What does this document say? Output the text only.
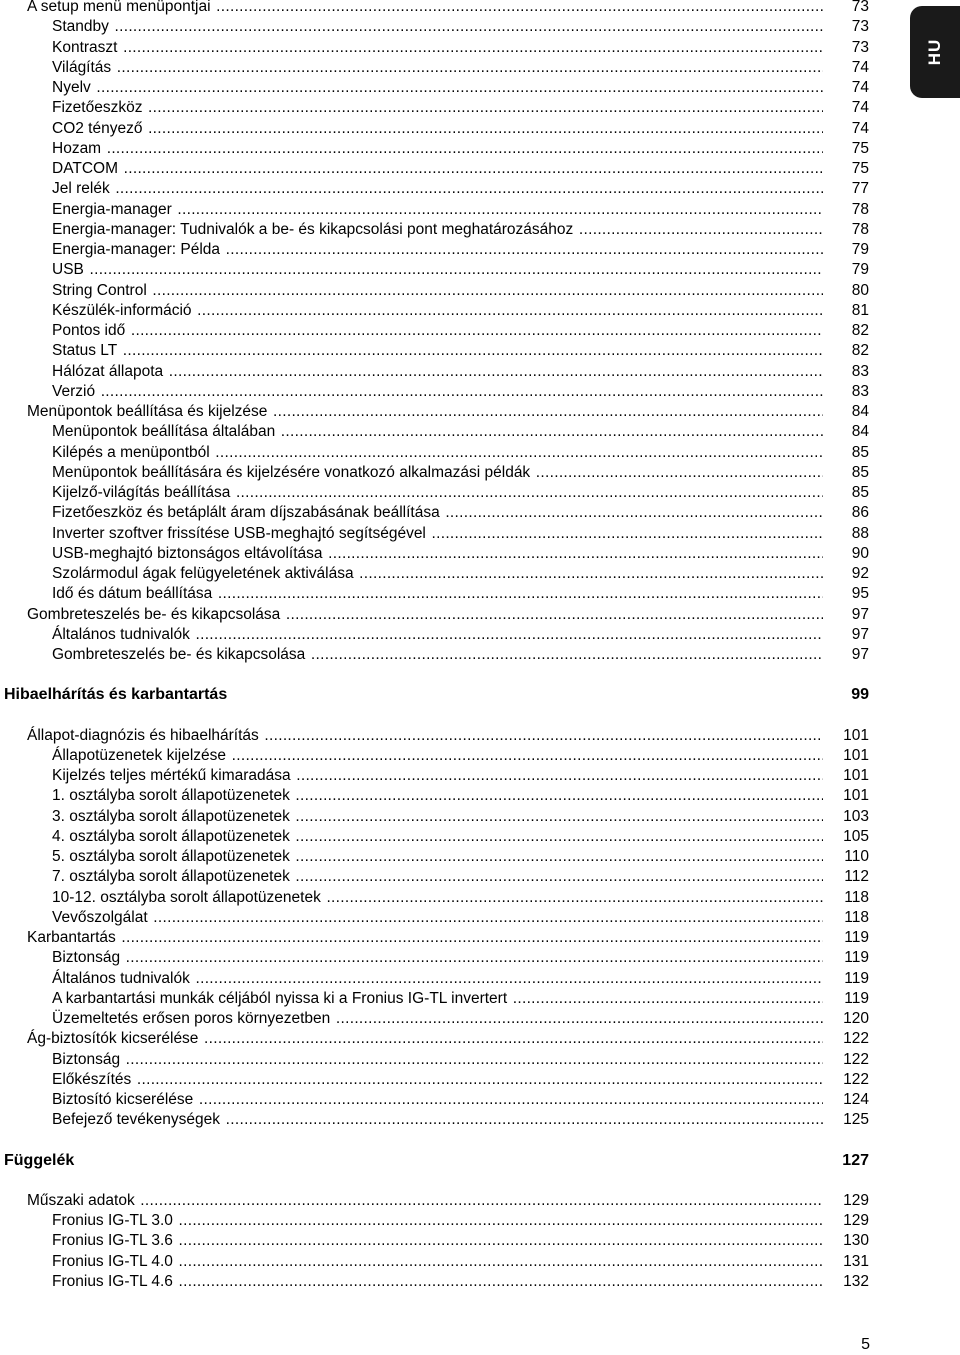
HU
A setup menü menüpontjai .....	73
Standby .....	73
Kontraszt .....	73
Világítás .....	74
Nyelv .....	74
Fizetőeszköz .....	74
CO2 tényező .....	74
Hozam .....	75
DATCOM .....	75
Jel relék .....	77
Energia-manager .....	78
Energia-manager: Tudnivalók a be- és kikapcsolási pont meghatározásához .....	78
Energia-manager: Példa .....	79
USB .....	79
String Control .....	80
Készülék-információ .....	81
Pontos idő .....	82
Status LT .....	82
Hálózat állapota .....	83
Verzió .....	83
Menüpontok beállítása és kijelzése .....	84
Menüpontok beállítása általában .....	84
Kilépés a menüpontból .....	85
Menüpontok beállítására és kijelzésére vonatkozó alkalmazási példák .....	85
Kijelző-világítás beállítása .....	85
Fizetőeszköz és betáplált áram díjszabásának beállítása .....	86
Inverter szoftver frissítése USB-meghajtó segítségével .....	88
USB-meghajtó biztonságos eltávolítása .....	90
Szolármodul ágak felügyeletének aktiválása .....	92
Idő és dátum beállítása .....	95
Gombreteszelés be- és kikapcsolása .....	97
Általános tudnivalók .....	97
Gombreteszelés be- és kikapcsolása .....	97
Hibaelhárítás és karbantartás	99
Állapot-diagnózis és hibaelhárítás .....	101
Állapotüzenetek kijelzése .....	101
Kijelzés teljes mértékű kimaradása .....	101
1. osztályba sorolt állapotüzenetek .....	101
3. osztályba sorolt állapotüzenetek .....	103
4. osztályba sorolt állapotüzenetek .....	105
5. osztályba sorolt állapotüzenetek .....	110
7. osztályba sorolt állapotüzenetek .....	112
10-12. osztályba sorolt állapotüzenetek .....	118
Vevőszolgálat .....	118
Karbantartás .....	119
Biztonság .....	119
Általános tudnivalók .....	119
A karbantartási munkák céljából nyissa ki a Fronius IG-TL invertert .....	119
Üzemeltetés erősen poros környezetben .....	120
Ág-biztosítók kicserélése .....	122
Biztonság .....	122
Előkészítés .....	122
Biztosító kicserélése .....	124
Befejező tevékenységek .....	125
Függelék	127
Műszaki adatok .....	129
Fronius IG-TL 3.0 .....	129
Fronius IG-TL 3.6 .....	130
Fronius IG-TL 4.0 .....	131
Fronius IG-TL 4.6 .....	132
5
